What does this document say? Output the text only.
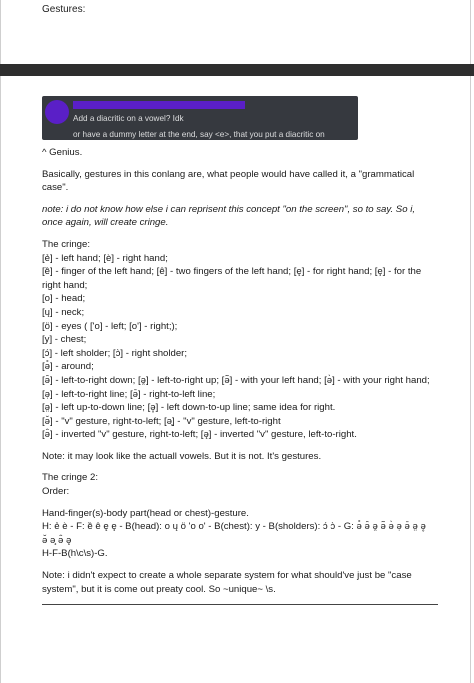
Gestures:
Add a diacritic on a vowel? Idk
or have a dummy letter at the end, say <e>, that you put a diacritic on

^ Genius.

Basically, gestures in this conlang are, what people would have called it, a "grammatical case".

note: i do not know how else i can reprisent this concept "on the screen", so to say. So i, once again, will create cringe.

The cringe:
[ẻ] - left hand; [è] - right hand;
[ȅ] - finger of the left hand; [ȇ] - two fingers of the left hand; [ę] - for right hand; [ȩ] - for the right hand;
[o] - head;
[ų] - neck;
[ö] - eyes ( ['o] - left; [o'] - right;);
[y] - chest;
[ɔ́] - left sholder; [ɔ̀] - right sholder;
[ə̊] - around;
[ə̑] - left-to-right down; [ə̯] - left-to-right up; [ə̃] - with your left hand; [ə̀] - with your right hand;
[ə̣] - left-to-right line; [ə̄] - right-to-left line;
[ə̤] - left up-to-down line; [ə̥] - left down-to-up line; same idea for right.
[ə̌] - "v" gesture, right-to-left; [ə̧] - "v" gesture, left-to-right
[ə̂] - inverted "v" gesture, right-to-left; [ə̨] - inverted "v" gesture, left-to-right.

Note: it may look like the actuall vowels. But it is not. It's gestures.

The cringe 2:
Order:
Hand-finger(s)-body part(head or chest)-gesture.
H: ẻ è - F: ȅ ȇ ę ȩ - B(head): o ų ö 'o o' - B(chest): y - B(sholders): ɔ́ ɔ̀ - G: ə̊ ə̑ ə̯ ə̃ ə̀ ə̣ ə̄ ə̤ ə̥
ə̌ ə̧ ə̂ ə̨
H-F-B(h\c\s)-G.

Note: i didn't expect to create a whole separate system for what should've just be "case system", but it is come out preaty cool. So ~unique~ \s.
